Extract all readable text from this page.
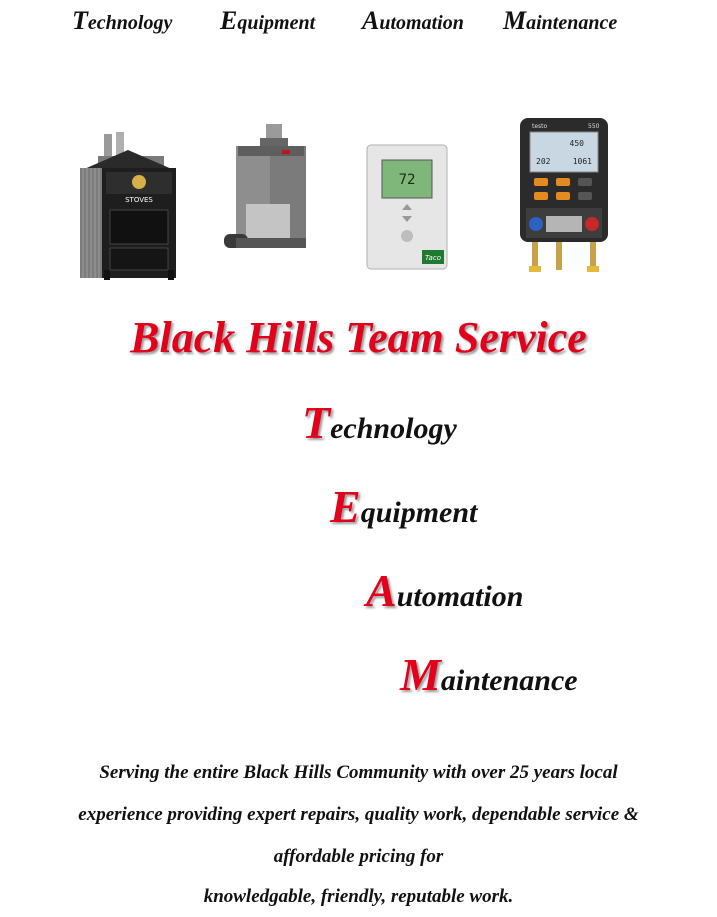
Technology Equipment Automation Maintenance
STOVES
72
Taco
testo	550
450
202	1061
Black Hills Team Service
Technology
Equipment
Automation
Maintenance
Serving the entire Black Hills Community with over 25 years local
experience providing expert repairs, quality work, dependable service &
affordable pricing for
knowledgable, friendly, reputable work.
